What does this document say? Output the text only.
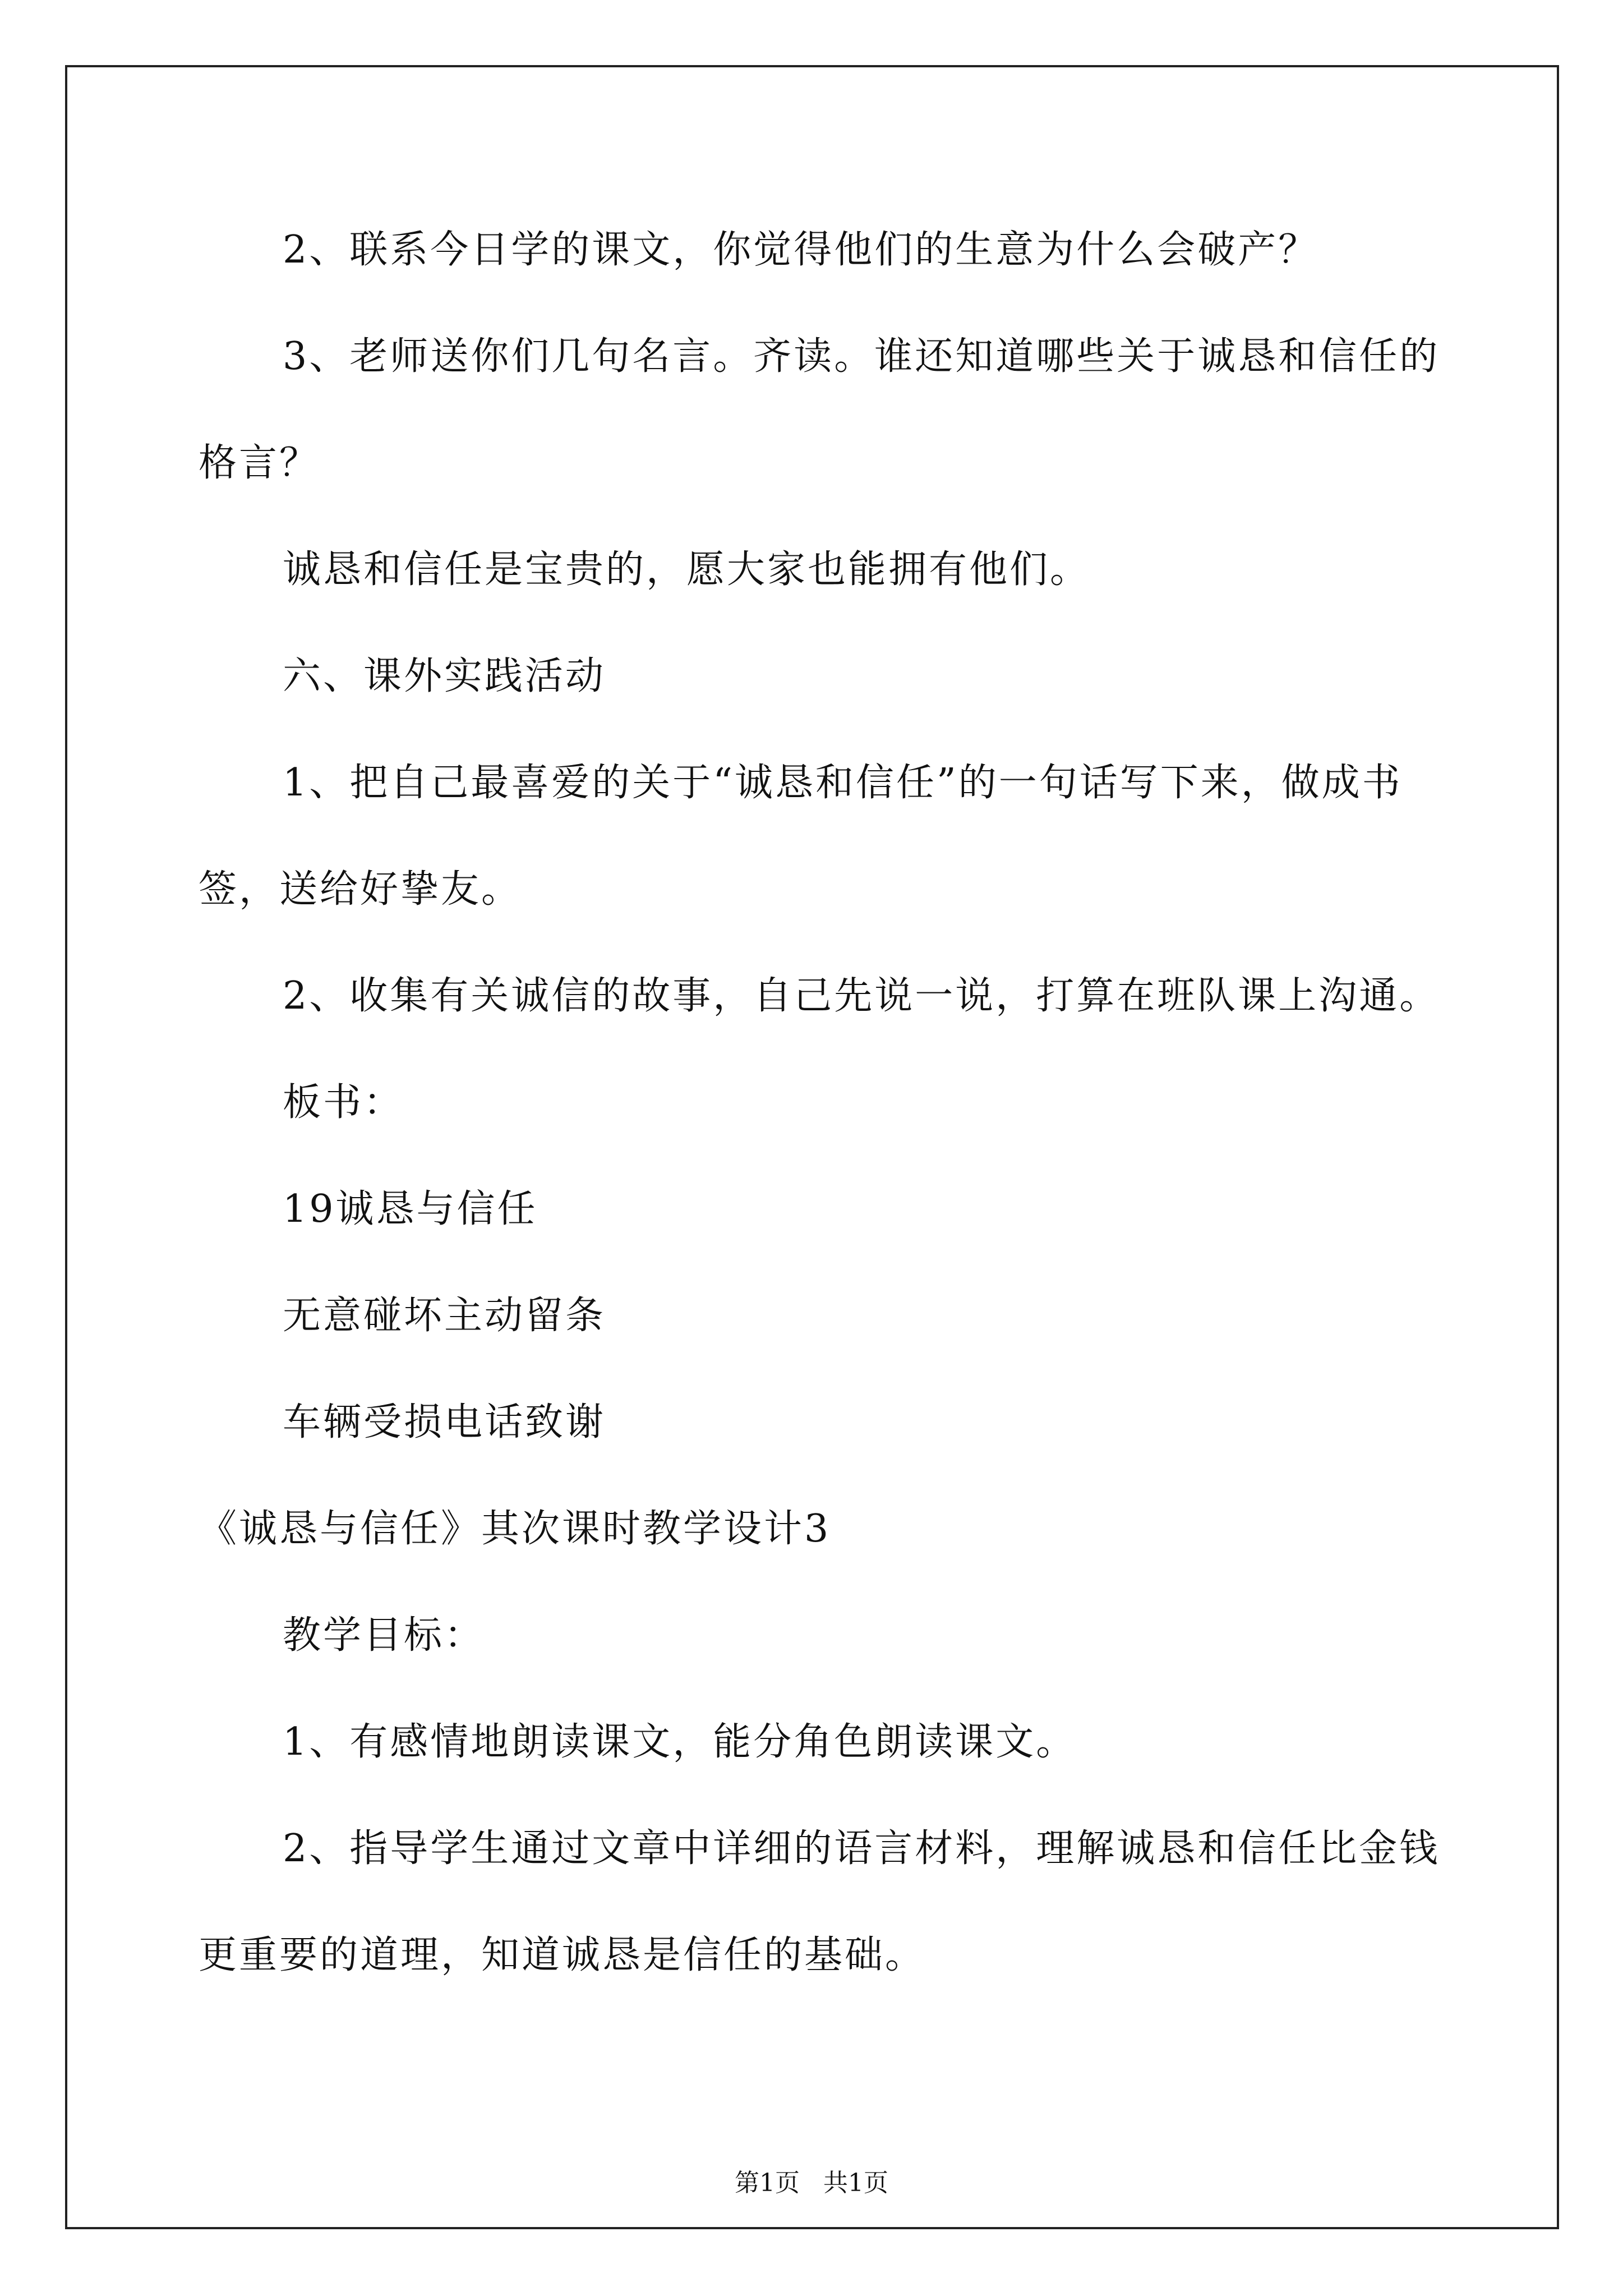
2、联系今日学的课文，你觉得他们的生意为什么会破产？
3、老师送你们几句名言。齐读。谁还知道哪些关于诚恳和信任的
格言？
诚恳和信任是宝贵的，愿大家也能拥有他们。
六、课外实践活动
1、把自己最喜爱的关于“诚恳和信任”的一句话写下来，做成书
签，送给好挚友。
2、收集有关诚信的故事，自己先说一说，打算在班队课上沟通。
板书：
19诚恳与信任
无意碰坏主动留条
车辆受损电话致谢
《诚恳与信任》其次课时教学设计3
教学目标：
1、有感情地朗读课文，能分角色朗读课文。
2、指导学生通过文章中详细的语言材料，理解诚恳和信任比金钱
更重要的道理，知道诚恳是信任的基础。
第1页   共1页
